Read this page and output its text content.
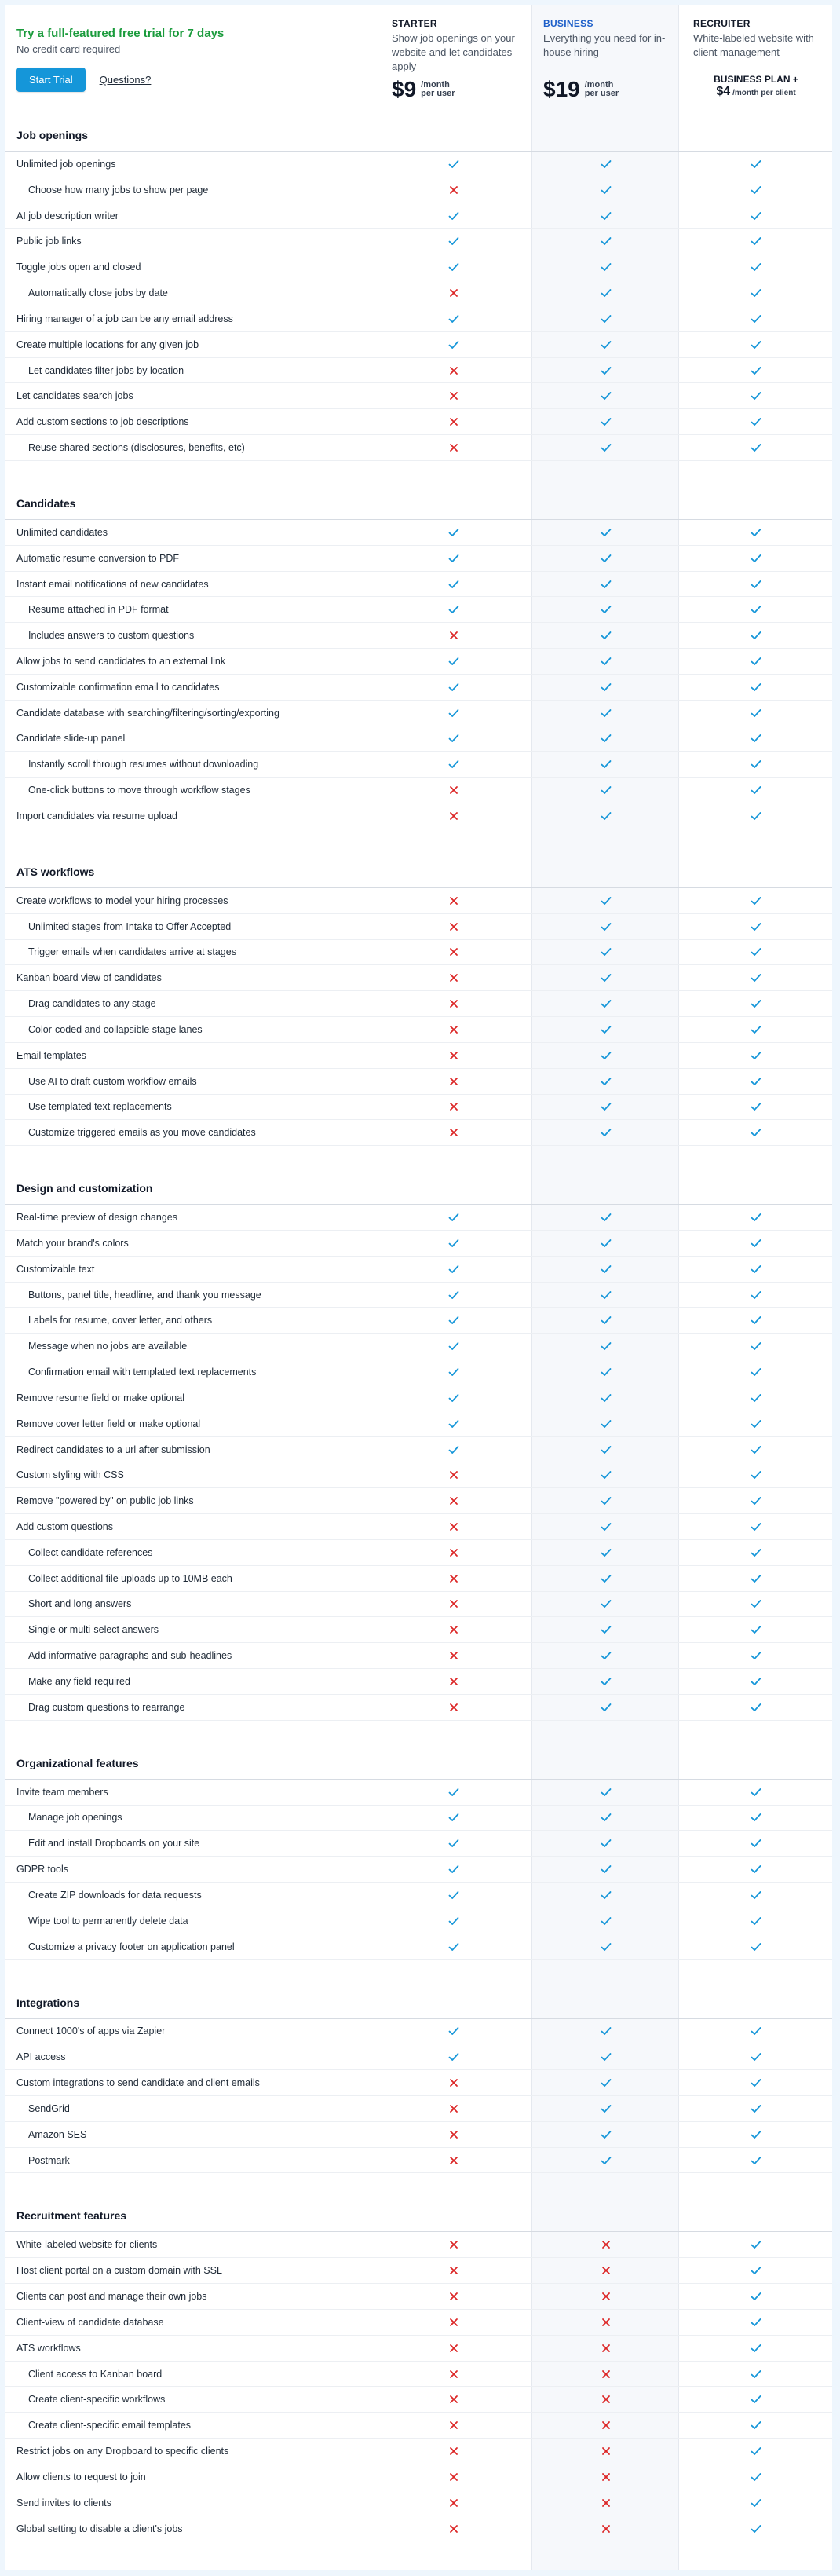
Try a full-featured free trial for 7 days
No credit card required
Start Trial	Questions?
STARTER
Show job openings on your website and let candidates apply
$9 /month
per user
BUSINESS
Everything you need for in-house hiring
$19 /month
per user
RECRUITER
White-labeled website with client management
BUSINESS PLAN +
$4 /month per client
Job openings
Unlimited job openings
Choose how many jobs to show per page
AI job description writer
Public job links
Toggle jobs open and closed
Automatically close jobs by date
Hiring manager of a job can be any email address
Create multiple locations for any given job
Let candidates filter jobs by location
Let candidates search jobs
Add custom sections to job descriptions
Reuse shared sections (disclosures, benefits, etc)
Candidates
Unlimited candidates
Automatic resume conversion to PDF
Instant email notifications of new candidates
Resume attached in PDF format
Includes answers to custom questions
Allow jobs to send candidates to an external link
Customizable confirmation email to candidates
Candidate database with searching/filtering/sorting/exporting
Candidate slide-up panel
Instantly scroll through resumes without downloading
One-click buttons to move through workflow stages
Import candidates via resume upload
ATS workflows
Create workflows to model your hiring processes
Unlimited stages from Intake to Offer Accepted
Trigger emails when candidates arrive at stages
Kanban board view of candidates
Drag candidates to any stage
Color-coded and collapsible stage lanes
Email templates
Use AI to draft custom workflow emails
Use templated text replacements
Customize triggered emails as you move candidates
Design and customization
Real-time preview of design changes
Match your brand's colors
Customizable text
Buttons, panel title, headline, and thank you message
Labels for resume, cover letter, and others
Message when no jobs are available
Confirmation email with templated text replacements
Remove resume field or make optional
Remove cover letter field or make optional
Redirect candidates to a url after submission
Custom styling with CSS
Remove "powered by" on public job links
Add custom questions
Collect candidate references
Collect additional file uploads up to 10MB each
Short and long answers
Single or multi-select answers
Add informative paragraphs and sub-headlines
Make any field required
Drag custom questions to rearrange
Organizational features
Invite team members
Manage job openings
Edit and install Dropboards on your site
GDPR tools
Create ZIP downloads for data requests
Wipe tool to permanently delete data
Customize a privacy footer on application panel
Integrations
Connect 1000's of apps via Zapier
API access
Custom integrations to send candidate and client emails
SendGrid
Amazon SES
Postmark
Recruitment features
White-labeled website for clients
Host client portal on a custom domain with SSL
Clients can post and manage their own jobs
Client-view of candidate database
ATS workflows
Client access to Kanban board
Create client-specific workflows
Create client-specific email templates
Restrict jobs on any Dropboard to specific clients
Allow clients to request to join
Send invites to clients
Global setting to disable a client's jobs
